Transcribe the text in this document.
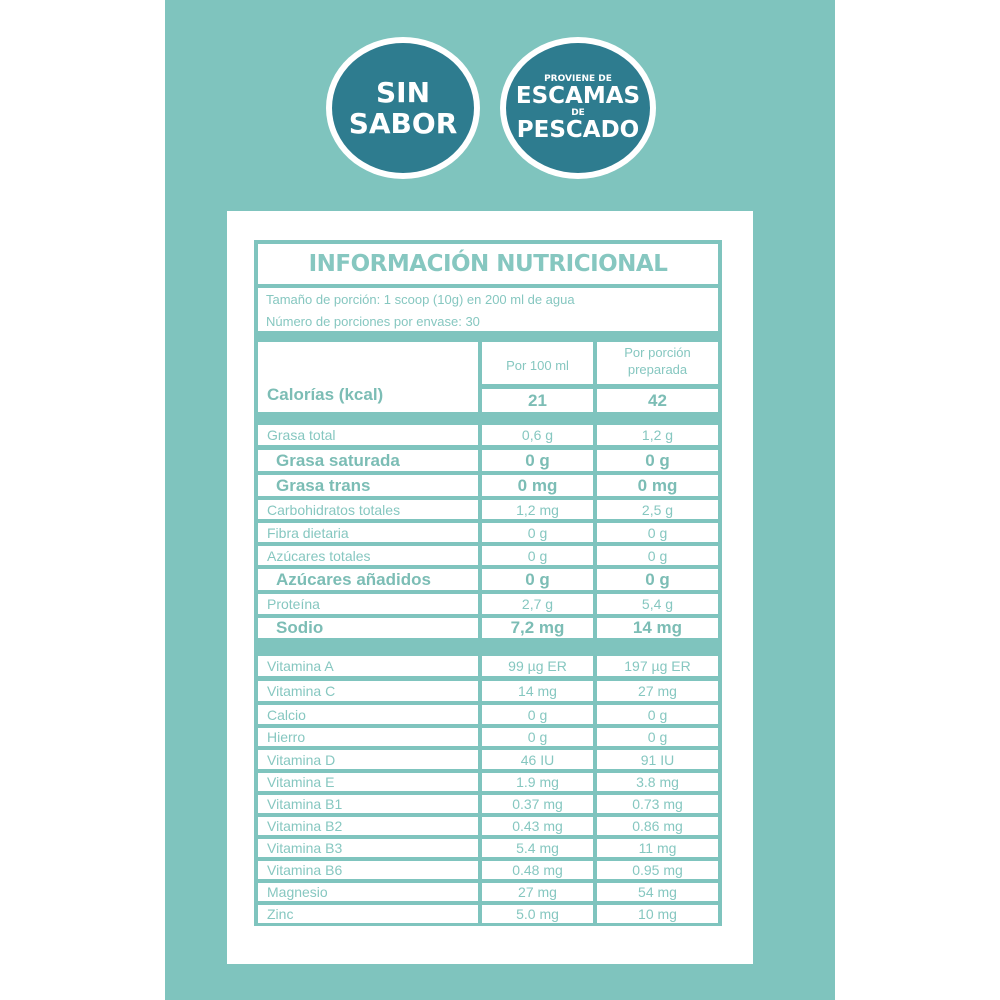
SIN
SABOR
PROVIENE DE
ESCAMAS
DE
PESCADO
INFORMACIÓN NUTRICIONAL
Tamaño de porción: 1 scoop (10g) en 200 ml de agua
Número de porciones por envase: 30
Por 100 ml
Por porción preparada
Calorías (kcal)	21	42
Grasa total	0,6 g	1,2 g
Grasa saturada	0 g	0 g
Grasa trans	0 mg	0 mg
Carbohidratos totales	1,2 mg	2,5 g
Fibra dietaria	0 g	0 g
Azúcares totales	0 g	0 g
Azúcares añadidos	0 g	0 g
Proteína	2,7 g	5,4 g
Sodio	7,2 mg	14 mg
Vitamina A	99 µg ER	197 µg ER
Vitamina C	14 mg	27 mg
Calcio	0 g	0 g
Hierro	0 g	0 g
Vitamina D	46 IU	91 IU
Vitamina E	1.9 mg	3.8 mg
Vitamina B1	0.37 mg	0.73 mg
Vitamina B2	0.43 mg	0.86 mg
Vitamina B3	5.4 mg	11 mg
Vitamina B6	0.48 mg	0.95 mg
Magnesio	27 mg	54 mg
Zinc	5.0 mg	10 mg
